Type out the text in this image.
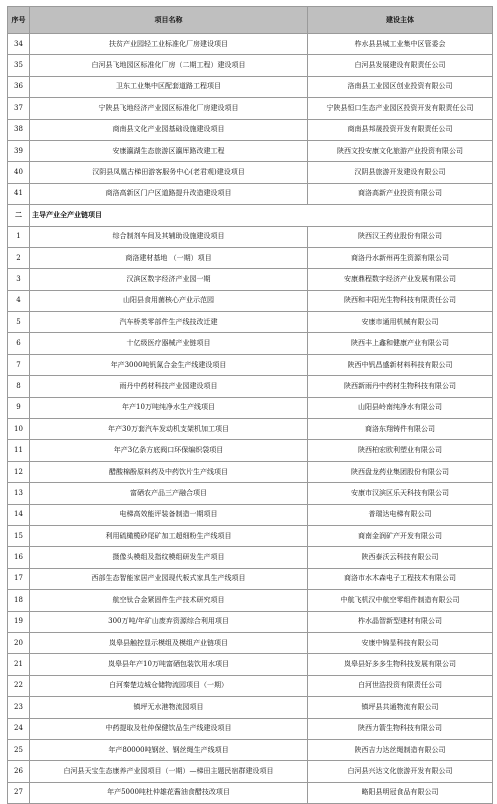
序号	项目名称	建设主体
34	扶贫产业园轻工业标准化厂房建设项目	柞水县县城工业集中区管委会
35	白河县飞地园区标准化厂房（二期工程）建设项目	白河县发展建设有限责任公司
36	卫东工业集中区配套道路工程项目	洛南县工业园区创业投资有限公司
37	宁陕县飞地经济产业园区标准化厂房建设项目	宁陕县恒口生态产业园区投资开发有限责任公司
38	商南县文化产业园基础设施建设项目	商南县邦晟投资开发有限责任公司
39	安康瀛湖生态旅游区瀛厍路改建工程	陕西文投安康文化旅游产业投资有限公司
40	汉阴县凤凰古梯田游客服务中心(老君观)建设项目	汉阴县旅游开发建设有限公司
41	商洛高新区门户区道路提升改造建设项目	商洛高新产业投资有限公司
二	主导产业全产业链项目	
1	综合制剂车间及其辅助设施建设项目	陕西汉王药业股份有限公司
2	商洛建材基地 （一期）项目	商洛丹水新州再生资源有限公司
3	汉滨区数字经济产业园一期	安康鼎程数字经济产业发展有限公司
4	山阳县食用菌核心产业示范园	陕西和丰阳光生物科技有限责任公司
5	汽车桥类零部件生产线技改迁建	安康市通用机械有限公司
6	十亿级医疗器械产业链项目	陕西丰上鑫和健康产业有限公司
7	年产3000吨钒氮合金生产线建设项目	陕西中钒昌盛新材料科技有限公司
8	雨丹中药材科技产业园建设项目	陕西新雨丹中药材生物科技有限公司
9	年产10万吨纯净水生产线项目	山阳县岭南纯净水有限公司
10	年产30万套汽车发动机支架机加工项目	商洛东翔铸件有限公司
11	年产3亿条方底阀口环保编织袋项目	陕西柏宏欧利塑业有限公司
12	醋酸棉酚原料药及中药饮片生产线项目	陕西盘龙药业集团股份有限公司
13	富硒农产品三产融合项目	安康市汉滨区乐天科技有限公司
14	电梯高效能评装备制造一期项目	普瑞达电梯有限公司
15	利用硫橄榄砂尾矿加工超细粉生产线项目	商南金润矿产开发有限公司
16	摄像头模组及指纹模组研发生产项目	陕西泰沃云科技有限公司
17	西部生态智能家居产业园现代板式家具生产线项目	商洛市水木森电子工程技术有限公司
18	航空钛合金紧固件生产技术研究项目	中航飞机汉中航空零组件制造有限公司
19	300万吨/年矿山废弃资源综合利用项目	柞水晶智新型建材有限公司
20	岚皋县触控显示模组及模组产业链项目	安康中锦显科技有限公司
21	岚皋县年产10万吨富硒包装饮用水项目	岚皋县好多多生物科技发展有限公司
22	白河秦楚边城仓储物流园项目（一期）	白河世浩投资有限责任公司
23	镇坪无水港物流园项目	镇坪县共通物流有限公司
24	中药提取及杜仲保健饮品生产线建设项目	陕西力箭生物科技有限公司
25	年产80000吨钢丝、钢丝绳生产线项目	陕西吉力达丝绳制造有限公司
26	白河县天宝生态康养产业园项目（一期）—梯田主题民宿群建设项目	白河县兴达文化旅游开发有限公司
27	年产5000吨杜仲雄花酱油食醋技改项目	略阳县明冠食品有限公司
